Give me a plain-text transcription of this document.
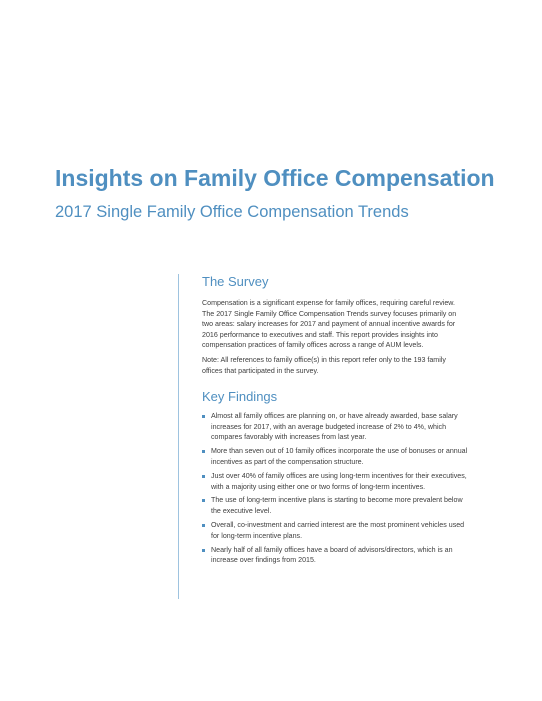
Insights on Family Office Compensation
2017 Single Family Office Compensation Trends
The Survey

Compensation is a significant expense for family offices, requiring careful review. The 2017 Single Family Office Compensation Trends survey focuses primarily on two areas: salary increases for 2017 and payment of annual incentive awards for 2016 performance to executives and staff. This report provides insights into compensation practices of family offices across a range of AUM levels.

Note: All references to family office(s) in this report refer only to the 193 family offices that participated in the survey.

Key Findings
Almost all family offices are planning on, or have already awarded, base salary increases for 2017, with an average budgeted increase of 2% to 4%, which compares favorably with increases from last year.
More than seven out of 10 family offices incorporate the use of bonuses or annual incentives as part of the compensation structure.
Just over 40% of family offices are using long-term incentives for their executives, with a majority using either one or two forms of long-term incentives.
The use of long-term incentive plans is starting to become more prevalent below the executive level.
Overall, co-investment and carried interest are the most prominent vehicles used for long-term incentive plans.
Nearly half of all family offices have a board of advisors/directors, which is an increase over findings from 2015.
